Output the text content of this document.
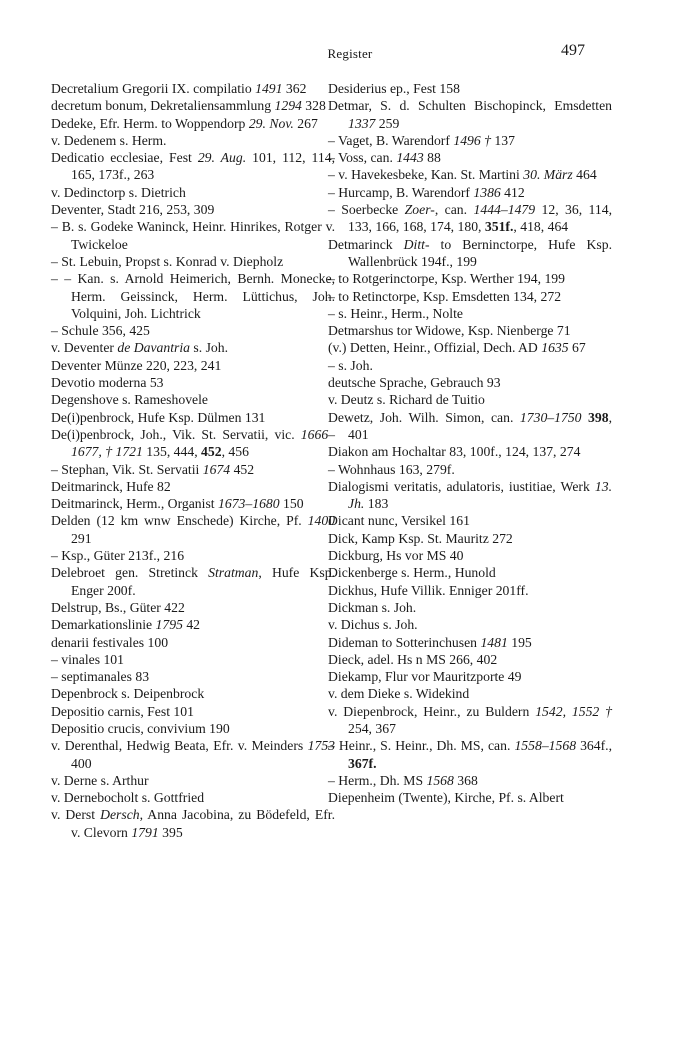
Register	497

Decretalium Gregorii IX. compilatio 1491 362

decretum bonum, Dekretaliensammlung 1294 328

Dedeke, Efr. Herm. to Woppendorp 29. Nov. 267

v. Dedenem s. Herm.

Dedicatio ecclesiae, Fest 29. Aug. 101, 112, 114, 165, 173f., 263

v. Dedinctorp s. Dietrich

Deventer, Stadt 216, 253, 309

– B. s. Godeke Waninck, Heinr. Hinrikes, Rotger v. Twickeloe

– St. Lebuin, Propst s. Konrad v. Diepholz

– – Kan. s. Arnold Heimerich, Bernh. Monecke, Herm. Geissinck, Herm. Lüttichus, Joh. Volquini, Joh. Lichtrick

– Schule 356, 425

v. Deventer de Davantria s. Joh.

Deventer Münze 220, 223, 241

Devotio moderna 53

Degenshove s. Rameshovele

De(i)penbrock, Hufe Ksp. Dülmen 131

De(i)penbrock, Joh., Vik. St. Servatii, vic. 1666–1677, † 1721 135, 444, 452, 456

– Stephan, Vik. St. Servatii 1674 452

Deitmarinck, Hufe 82

Deitmarinck, Herm., Organist 1673–1680 150

Delden (12 km wnw Enschede) Kirche, Pf. 1400 291

– Ksp., Güter 213f., 216

Delebroet gen. Stretinck Stratman, Hufe Ksp. Enger 200f.

Delstrup, Bs., Güter 422

Demarkationslinie 1795 42

denarii festivales 100

– vinales 101

– septimanales 83

Depenbrock s. Deipenbrock

Depositio carnis, Fest 101

Depositio crucis, convivium 190

v. Derenthal, Hedwig Beata, Efr. v. Meinders 1753 400

v. Derne s. Arthur

v. Dernebocholt s. Gottfried

v. Derst Dersch, Anna Jacobina, zu Bödefeld, Efr. v. Clevorn 1791 395

Desiderius ep., Fest 158

Detmar, S. d. Schulten Bischopinck, Emsdetten 1337 259

– Vaget, B. Warendorf 1496 † 137

– Voss, can. 1443 88

– v. Havekesbeke, Kan. St. Martini 30. März 464

– Hurcamp, B. Warendorf 1386 412

– Soerbecke Zoer-, can. 1444–1479 12, 36, 114, 133, 166, 168, 174, 180, 351f., 418, 464

Detmarinck Ditt- to Berninctorpe, Hufe Ksp. Wallenbrück 194f., 199

– to Rotgerinctorpe, Ksp. Werther 194, 199

– to Retinctorpe, Ksp. Emsdetten 134, 272

– s. Heinr., Herm., Nolte

Detmarshus tor Widowe, Ksp. Nienberge 71

(v.) Detten, Heinr., Offizial, Dech. AD 1635 67

– s. Joh.

deutsche Sprache, Gebrauch 93

v. Deutz s. Richard de Tuitio

Dewetz, Joh. Wilh. Simon, can. 1730–1750 398, 401

Diakon am Hochaltar 83, 100f., 124, 137, 274

– Wohnhaus 163, 279f.

Dialogismi veritatis, adulatoris, iustitiae, Werk 13. Jh. 183

Dicant nunc, Versikel 161

Dick, Kamp Ksp. St. Mauritz 272

Dickburg, Hs vor MS 40

Dickenberge s. Herm., Hunold

Dickhus, Hufe Villik. Enniger 201ff.

Dickman s. Joh.

v. Dichus s. Joh.

Dideman to Sotterinchusen 1481 195

Dieck, adel. Hs n MS 266, 402

Diekamp, Flur vor Mauritzporte 49

v. dem Dieke s. Widekind

v. Diepenbrock, Heinr., zu Buldern 1542, 1552 † 254, 367

– Heinr., S. Heinr., Dh. MS, can. 1558–1568 364f., 367f.

– Herm., Dh. MS 1568 368

Diepenheim (Twente), Kirche, Pf. s. Albert
